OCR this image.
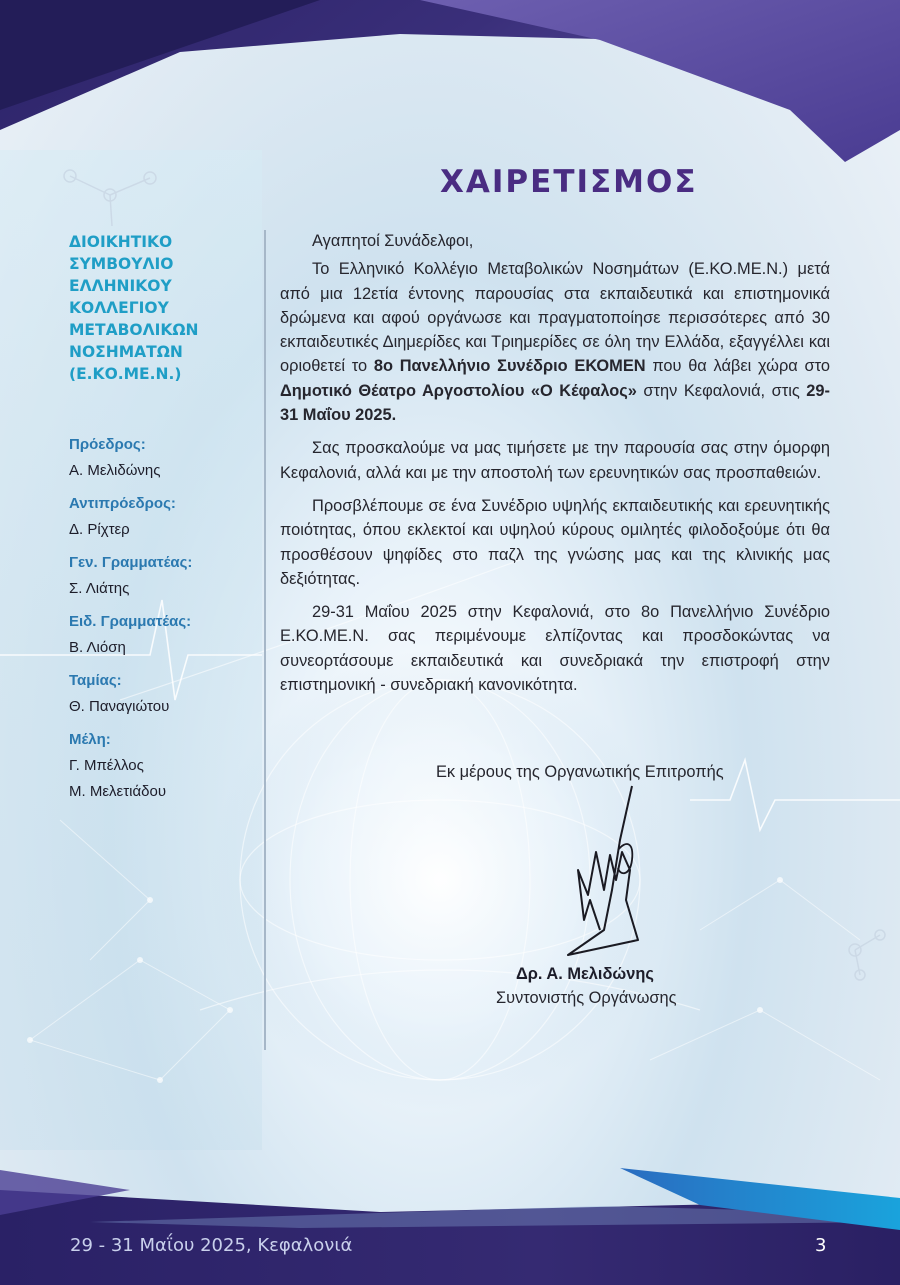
ΔΙΟΙΚΗΤΙΚΟ
ΣΥΜΒΟΥΛΙΟ
ΕΛΛΗΝΙΚΟΥ
ΚΟΛΛΕΓΙΟΥ
ΜΕΤΑΒΟΛΙΚΩΝ
ΝΟΣΗΜΑΤΩΝ
(Ε.ΚΟ.ΜΕ.Ν.)
Πρόεδρος:
Α. Μελιδώνης
Αντιπρόεδρος:
Δ. Ρίχτερ
Γεν. Γραμματέας:
Σ. Λιάτης
Ειδ. Γραμματέας:
Β. Λιόση
Ταμίας:
Θ. Παναγιώτου
Μέλη:
Γ. Μπέλλος
Μ. Μελετιάδου
ΧΑΙΡΕΤΙΣΜΟΣ

Αγαπητοί Συνάδελφοι,

Το Ελληνικό Κολλέγιο Μεταβολικών Νοσημάτων (Ε.ΚΟ.ΜΕ.Ν.) μετά από μια 12ετία έντονης παρουσίας στα εκπαιδευτικά και επιστημονικά δρώμενα και αφού οργάνωσε και πραγματοποίησε περισσότερες από 30 εκπαιδευτικές Διημερίδες και Τριημερίδες σε όλη την Ελλάδα, εξαγγέλλει και οριοθετεί το 8ο Πανελλήνιο Συνέδριο ΕΚΟΜΕΝ που θα λάβει χώρα στο Δημοτικό Θέατρο Αργοστολίου «Ο Κέφαλος» στην Κεφαλονιά, στις 29-31 Μαΐου 2025.

Σας προσκαλούμε να μας τιμήσετε με την παρουσία σας στην όμορφη Κεφαλονιά, αλλά και με την αποστολή των ερευνητικών σας προσπαθειών.

Προσβλέπουμε σε ένα Συνέδριο υψηλής εκπαιδευτικής και ερευνητικής ποιότητας, όπου εκλεκτοί και υψηλού κύρους ομιλητές φιλοδοξούμε ότι θα προσθέσουν ψηφίδες στο παζλ της γνώσης μας και της κλινικής μας δεξιότητας.

29-31 Μαΐου 2025 στην Κεφαλονιά, στο 8ο Πανελλήνιο Συνέδριο Ε.ΚΟ.ΜΕ.Ν. σας περιμένουμε ελπίζοντας και προσδοκώντας να συνεορτάσουμε εκπαιδευτικά και συνεδριακά την επιστροφή στην επιστημονική - συνεδριακή κανονικότητα.

Εκ μέρους της Οργανωτικής Επιτροπής
Δρ. Α. Μελιδώνης
Συντονιστής Οργάνωσης
29 - 31 Μαΐου 2025, Κεφαλονιά	3
